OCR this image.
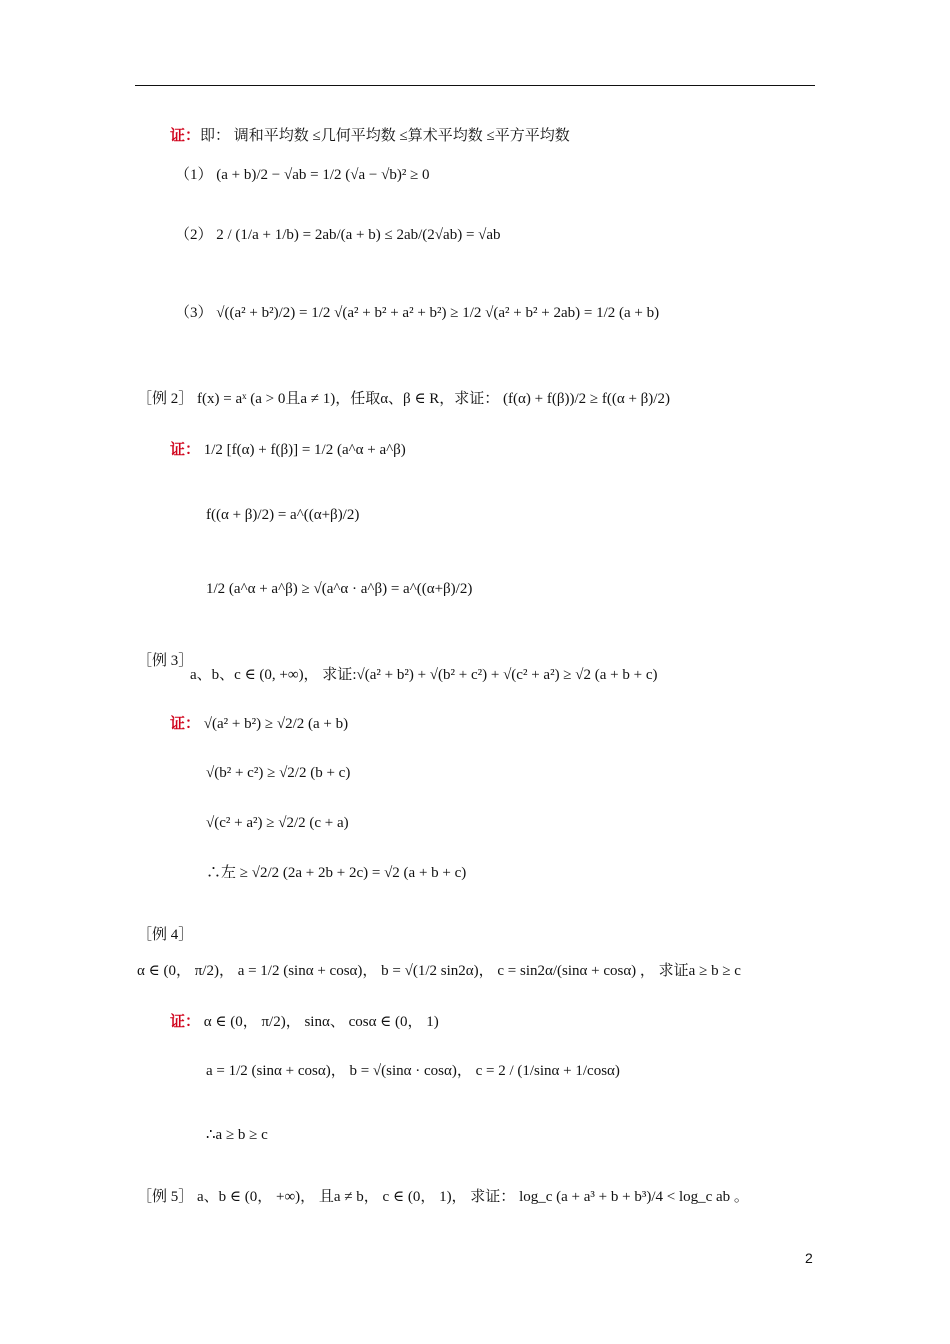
证：即： 调和平均数 ≤几何平均数 ≤算术平均数 ≤平方平均数
（1） (a + b)/2 − √ab = 1/2 (√a − √b)² ≥ 0
（2） 2 / (1/a + 1/b) = 2ab/(a + b) ≤ 2ab/(2√ab) = √ab
（3） √((a² + b²)/2) = 1/2 √(a² + b² + a² + b²) ≥ 1/2 √(a² + b² + 2ab) = 1/2 (a + b)
［例 2］ f(x) = aˣ (a > 0且a ≠ 1)，任取α、β ∈ R，求证： (f(α) + f(β))/2 ≥ f((α + β)/2)
证： 1/2 [f(α) + f(β)] = 1/2 (a^α + a^β)
f((α + β)/2) = a^((α+β)/2)
1/2 (a^α + a^β) ≥ √(a^α · a^β) = a^((α+β)/2)
［例 3］
a、b、c ∈ (0, +∞)， 求证:√(a² + b²) + √(b² + c²) + √(c² + a²) ≥ √2 (a + b + c)
证： √(a² + b²) ≥ √2/2 (a + b)
√(b² + c²) ≥ √2/2 (b + c)
√(c² + a²) ≥ √2/2 (c + a)
∴左 ≥ √2/2 (2a + 2b + 2c) = √2 (a + b + c)
［例 4］
α ∈ (0， π/2)， a = 1/2 (sinα + cosα)， b = √(1/2 sin2α)， c = sin2α/(sinα + cosα) ， 求证a ≥ b ≥ c
证： α ∈ (0， π/2)， sinα、 cosα ∈ (0， 1)
a = 1/2 (sinα + cosα)， b = √(sinα · cosα)， c = 2 / (1/sinα + 1/cosα)
∴a ≥ b ≥ c
［例 5］ a、b ∈ (0， +∞)， 且a ≠ b， c ∈ (0， 1)， 求证： log_c (a + a³ + b + b³)/4 < log_c ab 。
2
